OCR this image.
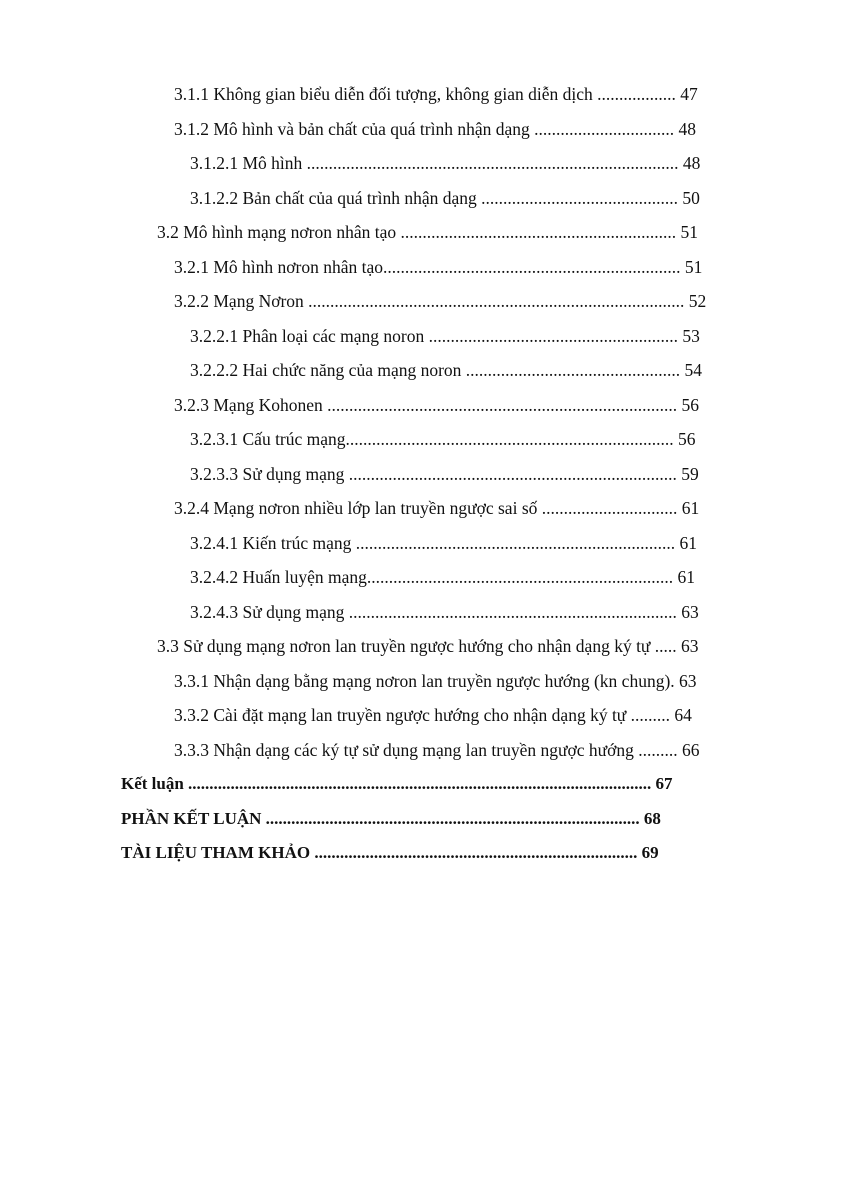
3.1.1 Không gian biểu diễn đối tượng, không gian diễn dịch .................. 47
3.1.2 Mô hình và bản chất của quá trình nhận dạng ................................ 48
3.1.2.1 Mô hình ..................................................................................... 48
3.1.2.2 Bản chất của quá trình nhận dạng ............................................. 50
3.2 Mô hình mạng nơron nhân tạo ............................................................... 51
3.2.1 Mô hình nơron nhân tạo.................................................................... 51
3.2.2 Mạng Nơron ...................................................................................... 52
3.2.2.1 Phân loại các mạng noron ......................................................... 53
3.2.2.2 Hai chức năng của mạng noron ................................................. 54
3.2.3 Mạng Kohonen ................................................................................ 56
3.2.3.1 Cấu trúc mạng........................................................................... 56
3.2.3.3 Sử dụng mạng ........................................................................... 59
3.2.4 Mạng nơron nhiều lớp lan truyền ngược sai số ............................... 61
3.2.4.1 Kiến trúc mạng ......................................................................... 61
3.2.4.2 Huấn luyện mạng...................................................................... 61
3.2.4.3 Sử dụng mạng ........................................................................... 63
3.3 Sử dụng mạng nơron lan truyền ngược hướng cho nhận dạng ký tự ..... 63
3.3.1 Nhận dạng bằng mạng nơron lan truyền ngược hướng (kn chung). 63
3.3.2 Cài đặt mạng lan truyền ngược hướng cho nhận dạng ký tự ......... 64
3.3.3 Nhận dạng các ký tự sử dụng mạng lan truyền ngược hướng ......... 66
Kết luận ............................................................................................................. 67
PHẦN KẾT LUẬN ........................................................................................ 68
TÀI LIỆU THAM KHẢO ............................................................................ 69
